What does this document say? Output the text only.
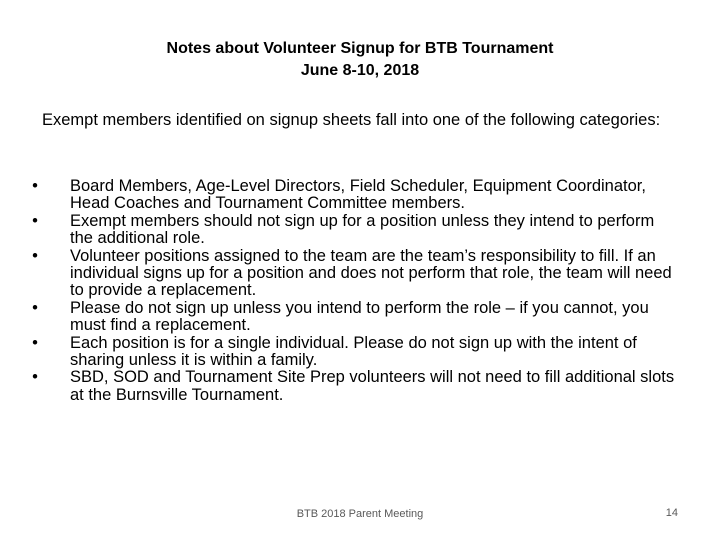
Notes about Volunteer Signup for BTB Tournament
June 8-10, 2018
Exempt members identified on signup sheets fall into one of the following categories:
• Board Members, Age-Level Directors, Field Scheduler, Equipment Coordinator, Head Coaches and Tournament Committee members.
• Exempt members should not sign up for a position unless they intend to perform the additional role.
• Volunteer positions assigned to the team are the team’s responsibility to fill. If an individual signs up for a position and does not perform that role, the team will need to provide a replacement.
• Please do not sign up unless you intend to perform the role – if you cannot, you must find a replacement.
• Each position is for a single individual. Please do not sign up with the intent of sharing unless it is within a family.
• SBD, SOD and Tournament Site Prep volunteers will not need to fill additional slots at the Burnsville Tournament.
BTB 2018 Parent Meeting	14
